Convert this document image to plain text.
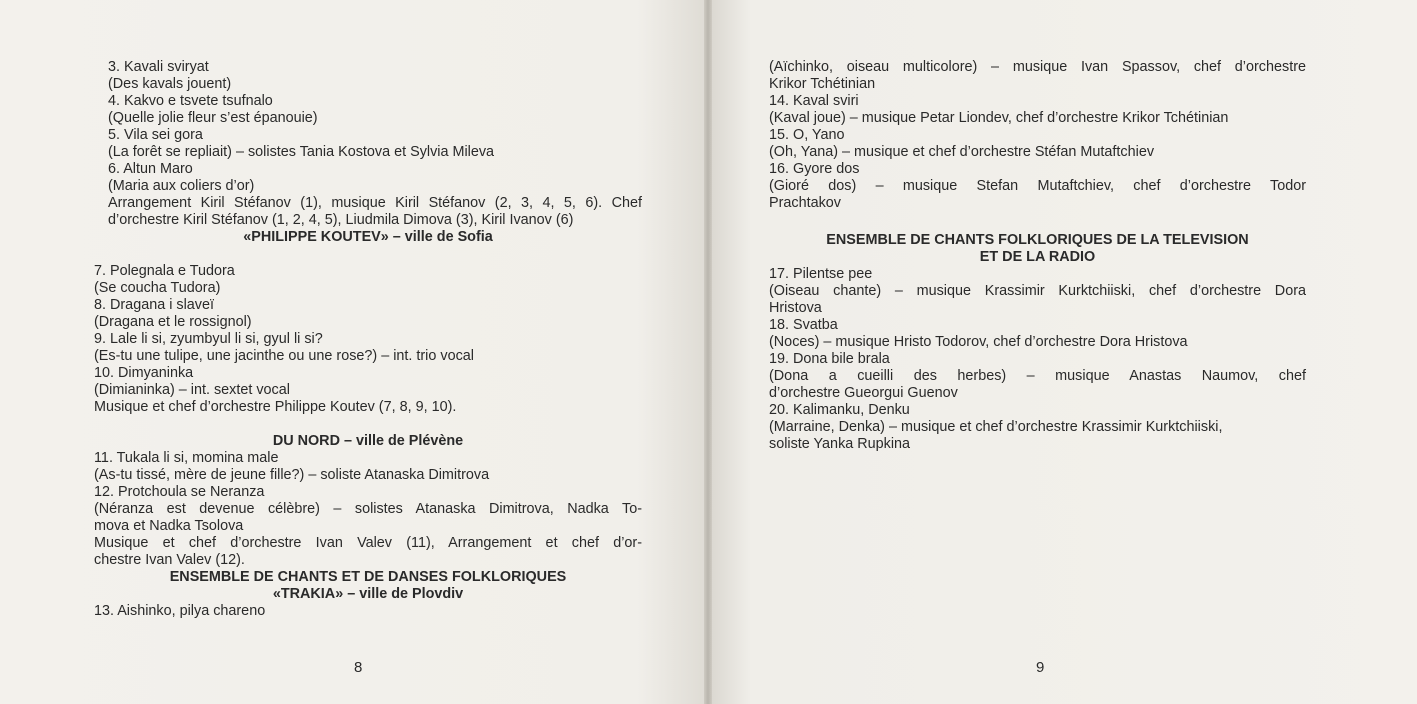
3. Kavali sviryat
(Des kavals jouent)
4. Kakvo e tsvete tsufnalo
(Quelle jolie fleur s’est épanouie)
5. Vila sei gora
(La forêt se repliait) – solistes Tania Kostova et Sylvia Mileva
6. Altun Maro
(Maria aux coliers d’or)
Arrangement Kiril Stéfanov (1), musique Kiril Stéfanov (2, 3, 4, 5, 6). Chef
d’orchestre Kiril Stéfanov (1, 2, 4, 5), Liudmila Dimova (3), Kiril Ivanov (6)
«PHILIPPE KOUTEV» – ville de Sofia
7. Polegnala e Tudora
(Se coucha Tudora)
8. Dragana i slaveï
(Dragana et le rossignol)
9. Lale li si, zyumbyul li si, gyul li si?
(Es-tu une tulipe, une jacinthe ou une rose?) – int. trio vocal
10. Dimyaninka
(Dimianinka) – int. sextet vocal
Musique et chef d’orchestre Philippe Koutev (7, 8, 9, 10).
DU NORD – ville de Plévène
11. Tukala li si, momina male
(As-tu tissé, mère de jeune fille?) – soliste Atanaska Dimitrova
12. Protchoula se Neranza
(Néranza est devenue célèbre) – solistes Atanaska Dimitrova, Nadka To-
mova et Nadka Tsolova
Musique et chef d’orchestre Ivan Valev (11), Arrangement et chef d’or-
chestre Ivan Valev (12).
ENSEMBLE DE CHANTS ET DE DANSES FOLKLORIQUES
«TRAKIA» – ville de Plovdiv
13. Aishinko, pilya chareno
(Aïchinko, oiseau multicolore) – musique Ivan Spassov, chef d’orchestre
Krikor Tchétinian
14. Kaval sviri
(Kaval joue) – musique Petar Liondev, chef d’orchestre Krikor Tchétinian
15. O, Yano
(Oh, Yana) – musique et chef d’orchestre Stéfan Mutaftchiev
16. Gyore dos
(Gioré dos) – musique Stefan Mutaftchiev, chef d’orchestre Todor
Prachtakov
ENSEMBLE DE CHANTS FOLKLORIQUES DE LA TELEVISION
ET DE LA RADIO
17. Pilentse pee
(Oiseau chante) – musique Krassimir Kurktchiiski, chef d’orchestre Dora
Hristova
18. Svatba
(Noces) – musique Hristo Todorov, chef d’orchestre Dora Hristova
19. Dona bile brala
(Dona a cueilli des herbes) – musique Anastas Naumov, chef
d’orchestre Gueorgui Guenov
20. Kalimanku, Denku
(Marraine, Denka) – musique et chef d’orchestre Krassimir Kurktchiiski,
soliste Yanka Rupkina
8	9
